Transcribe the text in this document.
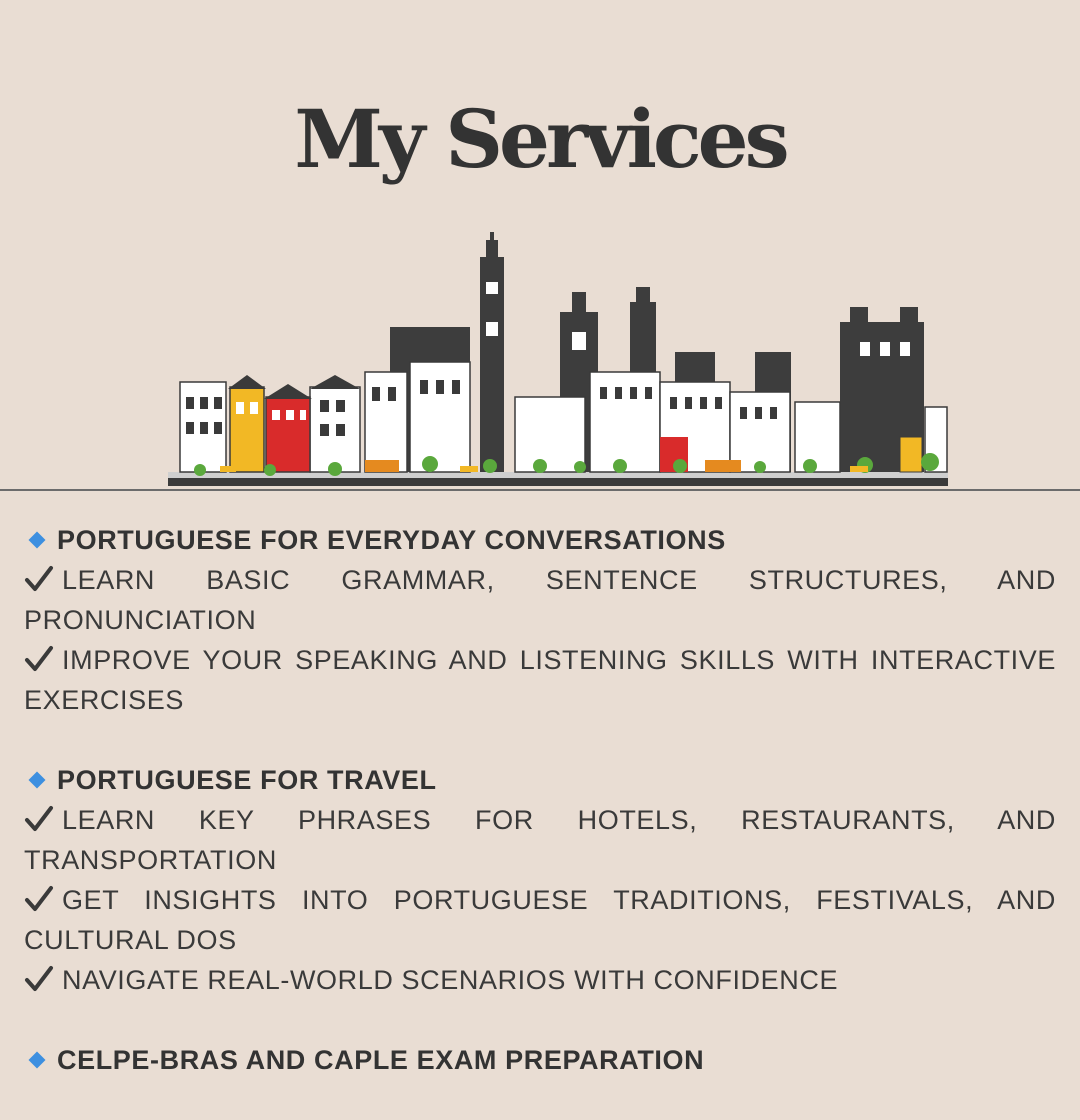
My Services
PORTUGUESE FOR EVERYDAY CONVERSATIONS
LEARN BASIC GRAMMAR, SENTENCE STRUCTURES, AND PRONUNCIATION
IMPROVE YOUR SPEAKING AND LISTENING SKILLS WITH INTERACTIVE EXERCISES
PORTUGUESE FOR TRAVEL
LEARN KEY PHRASES FOR HOTELS, RESTAURANTS, AND TRANSPORTATION
GET INSIGHTS INTO PORTUGUESE TRADITIONS, FESTIVALS, AND CULTURAL DOS
NAVIGATE REAL-WORLD SCENARIOS WITH CONFIDENCE
CELPE-BRAS AND CAPLE EXAM PREPARATION
